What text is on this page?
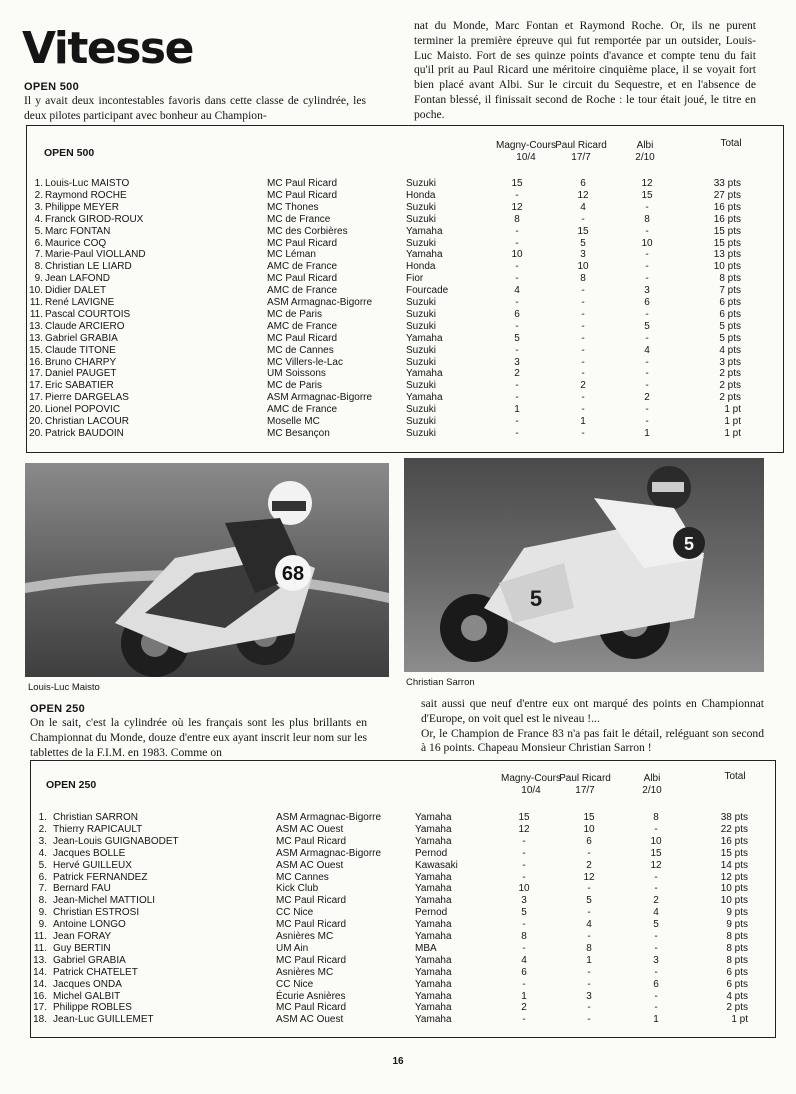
Vitesse
OPEN 500

Il y avait deux incontestables favoris dans cette classe de cylindrée, les deux pilotes participant avec bonheur au Champion-

nat du Monde, Marc Fontan et Raymond Roche. Or, ils ne purent terminer la première épreuve qui fut remportée par un outsider, Louis-Luc Maisto. Fort de ses quinze points d'avance et compte tenu du fait qu'il prit au Paul Ricard une méritoire cinquième place, il se voyait fort bien placé avant Albi. Sur le circuit du Sequestre, et en l'absence de Fontan blessé, il finissait second de Roche : le tour était joué, le titre en poche.

OPEN 500
Magny-Cours
10/4
Paul Ricard
17/7
Albi
2/10
Total
1. Louis-Luc MAISTO	MC Paul Ricard	Suzuki	15	6	12	33 pts
2. Raymond ROCHE	MC Paul Ricard	Honda	-	12	15	27 pts
3. Philippe MEYER	MC Thones	Suzuki	12	4	-	16 pts
4. Franck GIROD-ROUX	MC de France	Suzuki	8	-	8	16 pts
5. Marc FONTAN	MC des Corbières	Yamaha	-	15	-	15 pts
6. Maurice COQ	MC Paul Ricard	Suzuki	-	5	10	15 pts
7. Marie-Paul VIOLLAND	MC Léman	Yamaha	10	3	-	13 pts
8. Christian LE LIARD	AMC de France	Honda	-	10	-	10 pts
9. Jean LAFOND	MC Paul Ricard	Fior	-	8	-	8 pts
10. Didier DALET	AMC de France	Fourcade	4	-	3	7 pts
11. René LAVIGNE	ASM Armagnac-Bigorre	Suzuki	-	-	6	6 pts
11. Pascal COURTOIS	MC de Paris	Suzuki	6	-	-	6 pts
13. Claude ARCIERO	AMC de France	Suzuki	-	-	5	5 pts
13. Gabriel GRABIA	MC Paul Ricard	Yamaha	5	-	-	5 pts
15. Claude TITONE	MC de Cannes	Suzuki	-	-	4	4 pts
16. Bruno CHARPY	MC Villers-le-Lac	Suzuki	3	-	-	3 pts
17. Daniel PAUGET	UM Soissons	Yamaha	2	-	-	2 pts
17. Eric SABATIER	MC de Paris	Suzuki	-	2	-	2 pts
17. Pierre DARGELAS	ASM Armagnac-Bigorre	Yamaha	-	-	2	2 pts
20. Lionel POPOVIC	AMC de France	Suzuki	1	-	-	1 pt
20. Christian LACOUR	Moselle MC	Suzuki	-	1	-	1 pt
20. Patrick BAUDOIN	MC Besançon	Suzuki	-	-	1	1 pt
68
Louis-Luc Maisto
5
5
Christian Sarron
OPEN 250

On le sait, c'est la cylindrée où les français sont les plus brillants en Championnat du Monde, douze d'entre eux ayant inscrit leur nom sur les tablettes de la F.I.M. en 1983. Comme on

sait aussi que neuf d'entre eux ont marqué des points en Championnat d'Europe, on voit quel est le niveau !...

Or, le Champion de France 83 n'a pas fait le détail, reléguant son second à 16 points. Chapeau Monsieur Christian Sarron !

OPEN 250
Magny-Cours
10/4
Paul Ricard
17/7
Albi
2/10
Total
1. Christian SARRON	ASM Armagnac-Bigorre	Yamaha	15	15	8	38 pts
2. Thierry RAPICAULT	ASM AC Ouest	Yamaha	12	10	-	22 pts
3. Jean-Louis GUIGNABODET	MC Paul Ricard	Yamaha	-	6	10	16 pts
4. Jacques BOLLE	ASM Armagnac-Bigorre	Pernod	-	-	15	15 pts
5. Hervé GUILLEUX	ASM AC Ouest	Kawasaki	-	2	12	14 pts
6. Patrick FERNANDEZ	MC Cannes	Yamaha	-	12	-	12 pts
7. Bernard FAU	Kick Club	Yamaha	10	-	-	10 pts
8. Jean-Michel MATTIOLI	MC Paul Ricard	Yamaha	3	5	2	10 pts
9. Christian ESTROSI	CC Nice	Pernod	5	-	4	9 pts
9. Antoine LONGO	MC Paul Ricard	Yamaha	-	4	5	9 pts
11. Jean FORAY	Asnières MC	Yamaha	8	-	-	8 pts
11. Guy BERTIN	UM Ain	MBA	-	8	-	8 pts
13. Gabriel GRABIA	MC Paul Ricard	Yamaha	4	1	3	8 pts
14. Patrick CHATELET	Asnières MC	Yamaha	6	-	-	6 pts
14. Jacques ONDA	CC Nice	Yamaha	-	-	6	6 pts
16. Michel GALBIT	Écurie Asnières	Yamaha	1	3	-	4 pts
17. Philippe ROBLES	MC Paul Ricard	Yamaha	2	-	-	2 pts
18. Jean-Luc GUILLEMET	ASM AC Ouest	Yamaha	-	-	1	1 pt
16
